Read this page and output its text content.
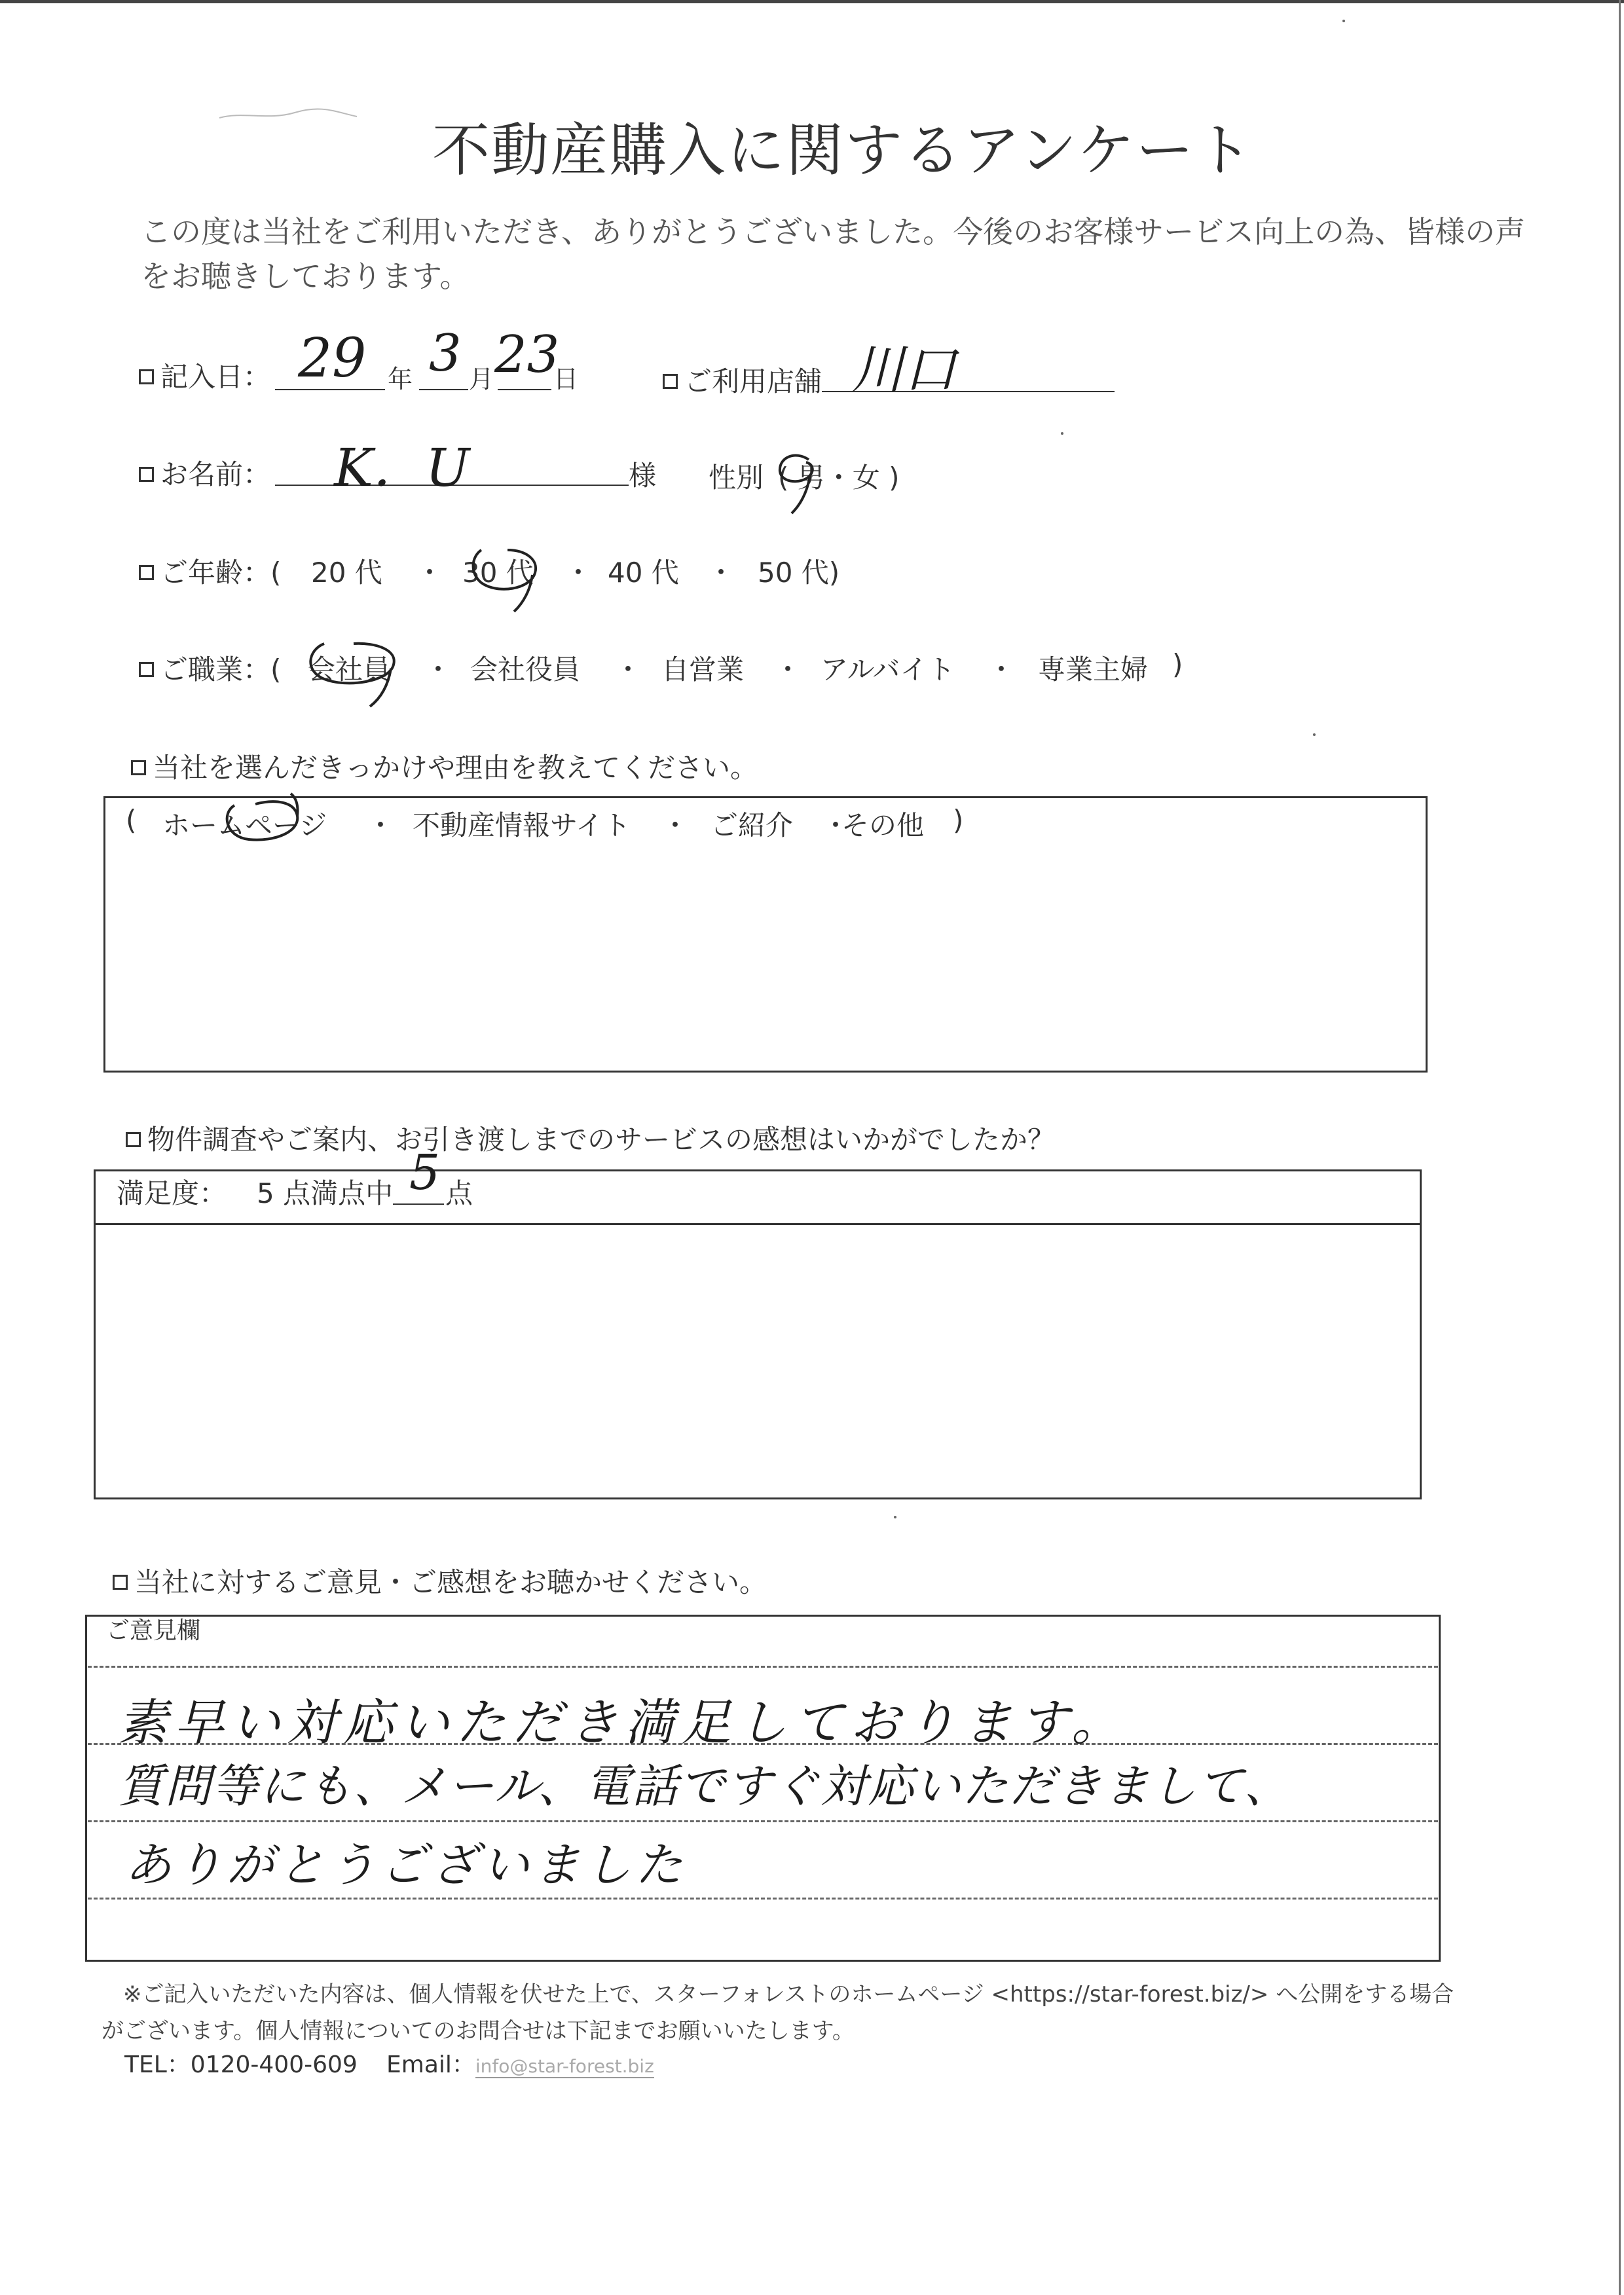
不動産購入に関するアンケート
この度は当社をご利用いただき、ありがとうございました。今後のお客様サービス向上の為、皆様の声
をお聴きしております。
記入日： 29 年 3 月 23
日	ご利用店舗 川口
お名前： K．U	様 性別 ( 男・女 )
ご年齢：( 20 代 ・ 30 代 ・ 40 代 ・ 50 代)
ご職業：( 会社員 ・ 会社役員 ・ 自営業 ・ アルバイト ・ 専業主婦 )
当社を選んだきっかけや理由を教えてください。
( ホームページ ・ 不動産情報サイト ・ ご紹介 ・
その他 )
物件調査やご案内、お引き渡しまでのサービスの感想はいかがでしたか？
満足度： 5 点満点中 5 点
当社に対するご意見・ご感想をお聴かせください。
ご意見欄
素早い対応いただき満足しております。
質問等にも、メール、電話ですぐ対応いただきまして、
ありがとうございました
※ご記入いただいた内容は、個人情報を伏せた上で、スターフォレストのホームページ <https://star-forest.biz/> へ公開をする場合
がございます。個人情報についてのお問合せは下記までお願いいたします。
TEL：0120-400-609 Email：info@star-forest.biz
